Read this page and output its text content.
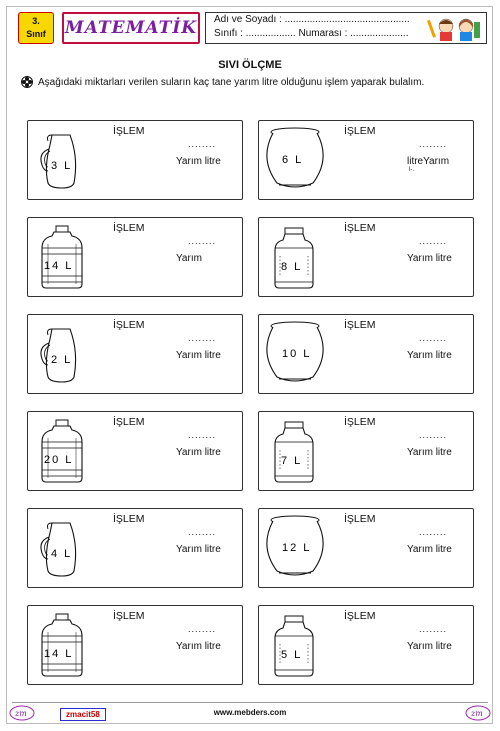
3.
Sınıf	MATEMATİK Adı ve Soyadı : .............................................
Sınıfı : .................. Numarası : .....................
SIVI ÖLÇME
Aşağıdaki miktarları verilen suların kaç tane yarım litre olduğunu işlem yaparak bulalım.
3 L
İŞLEM
........
Yarım litre	6 L
İŞLEM
........
litreYarım
l-.
14 L
İŞLEM
........
Yarım
8 L
İŞLEM
........
Yarım litre
2 L
İŞLEM
........
Yarım litre	10 L
İŞLEM
........
Yarım litre
20 L
İŞLEM
........
Yarım litre
7 L
İŞLEM
........
Yarım litre
4 L
İŞLEM
........
Yarım litre	12 L
İŞLEM
........
Yarım litre
14 L
İŞLEM
........
Yarım litre
5 L
İŞLEM
........
Yarım litre
zm	zmacit58	www.mebders.com	zm
